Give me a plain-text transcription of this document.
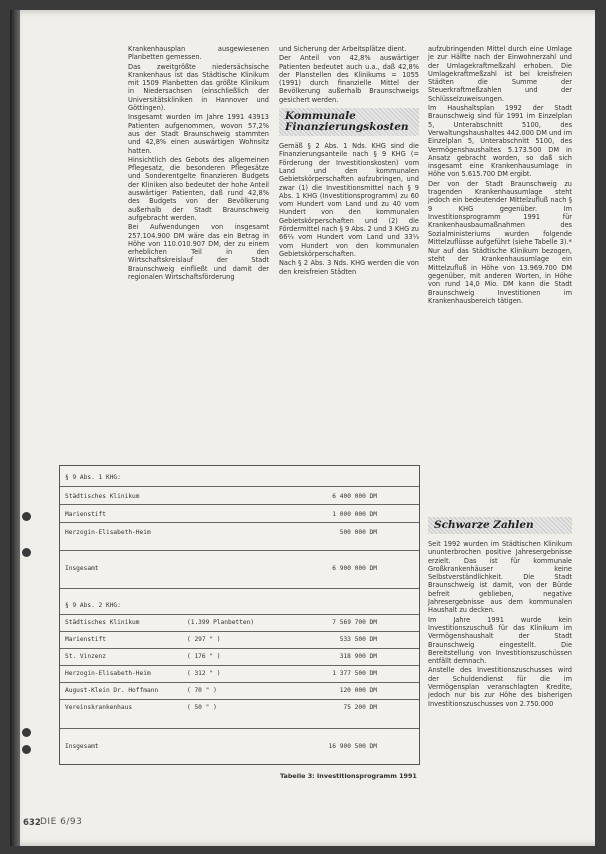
Krankenhausplan ausgewiesenen Planbetten gemessen.

Das zweitgrößte niedersächsische Krankenhaus ist das Städtische Klinikum mit 1509 Planbetten das größte Klinikum in Niedersachsen (einschließlich der Universitätskliniken in Hannover und Göttingen).

Insgesamt wurden im Jahre 1991 43913 Patienten aufgenommen, wovon 57,2% aus der Stadt Braunschweig stammten und 42,8% einen auswärtigen Wohnsitz hatten.

Hinsichtlich des Gebots des allgemeinen Pflegesatz, die besonderen Pflegesätze und Sonderentgelte finanzieren Budgets der Kliniken also bedeutet der hohe Anteil auswärtiger Patienten, daß rund 42,8% des Budgets von der Bevölkerung außerhalb der Stadt Braunschweig aufgebracht werden.

Bei Aufwendungen von insgesamt 257.104.900 DM wäre das ein Betrag in Höhe von 110.010.907 DM, der zu einem erheblichen Teil in den Wirtschaftskreislauf der Stadt Braunschweig einfließt und damit der regionalen Wirtschaftsförderung

und Sicherung der Arbeitsplätze dient.

Der Anteil von 42,8% auswärtiger Patienten bedeutet auch u.a., daß 42,8% der Planstellen des Klinikums = 1055 (1991) durch finanzielle Mittel der Bevölkerung außerhalb Braunschweigs gesichert werden.

Kommunale Finanzierungskosten

Gemäß § 2 Abs. 1 Nds. KHG sind die Finanzierungsanteile nach § 9 KHG (= Förderung der Investitionskosten) vom Land und den kommunalen Gebietskörperschaften aufzubringen, und zwar (1) die Investitionsmittel nach § 9 Abs. 1 KHG (Investitionsprogramm) zu 60 vom Hundert vom Land und zu 40 vom Hundert von den kommunalen Gebietskörperschaften und (2) die Fördermittel nach § 9 Abs. 2 und 3 KHG zu 66⅔ vom Hundert vom Land und 33⅓ vom Hundert von den kommunalen Gebietskörperschaften.

Nach § 2 Abs. 3 Nds. KHG werden die von den kreisfreien Städten

aufzubringenden Mittel durch eine Umlage je zur Hälfte nach der Einwohnerzahl und der Umlagekraftmeßzahl erhoben. Die Umlagekraftmeßzahl ist bei kreisfreien Städten die Summe der Steuerkraftmeßzahlen und der Schlüsselzuweisungen.

Im Haushaltsplan 1992 der Stadt Braunschweig sind für 1991 im Einzelplan 5, Unterabschnitt 5100, des Verwaltungshaushaltes 442.000 DM und im Einzelplan 5, Unterabschnitt 5100, des Vermögenshaushaltes 5.173.500 DM in Ansatz gebracht worden, so daß sich insgesamt eine Krankenhausumlage in Höhe von 5.615.700 DM ergibt.

Der von der Stadt Braunschweig zu tragenden Krankenhausumlage steht jedoch ein bedeutender Mittelzufluß nach § 9 KHG gegenüber. Im Investitionsprogramm 1991 für Krankenhausbaumaßnahmen des Sozialministeriums wurden folgende Mittelzuflüsse aufgeführt (siehe Tabelle 3).*

Nur auf das Städtische Klinikum bezogen, steht der Krankenhausumlage ein Mittelzufluß in Höhe von 13.969.700 DM gegenüber, mit anderen Worten, in Höhe von rund 14,0 Mio. DM kann die Stadt Braunschweig Investitionen im Krankenhausbereich tätigen.

Schwarze Zahlen

Seit 1992 wurden im Städtischen Klinikum ununterbrochen positive Jahresergebnisse erzielt. Das ist für kommunale Großkrankenhäuser keine Selbstverständlichkeit. Die Stadt Braunschweig ist damit, von der Bürde befreit geblieben, negative Jahresergebnisse aus dem kommunalen Haushalt zu decken.

Im Jahre 1991 wurde kein Investitionszuschuß für das Klinikum im Vermögenshaushalt der Stadt Braunschweig eingestellt. Die Bereitstellung von Investitionszuschüssen entfällt demnach.

Anstelle des Investitionszuschusses wird der Schuldendienst für die im Vermögensplan veranschlagten Kredite, jedoch nur bis zur Höhe des bisherigen Investitionszuschusses von 2.750.000

§ 9 Abs. 1 KHG:
Städtisches Klinikum	6 400 000 DM
Marienstift	1 000 000 DM
Herzogin-Elisabeth-Heim	500 000 DM
Insgesamt	6 900 000 DM
§ 9 Abs. 2 KHG:
Städtisches Klinikum	(1.399 Planbetten)	7 569 700 DM
Marienstift	( 297 " )	533 500 DM
St. Vinzenz	( 176 " )	318 900 DM
Herzogin-Elisabeth-Heim	( 312 " )	1 377 500 DM
August-Klein Dr. Hoffmann	( 70 " )	120 000 DM
Vereinskrankenhaus	( 50 " )	75 200 DM
Insgesamt	16 900 500 DM
Tabelle 3: Investitionsprogramm 1991
632 DIE 6/93
